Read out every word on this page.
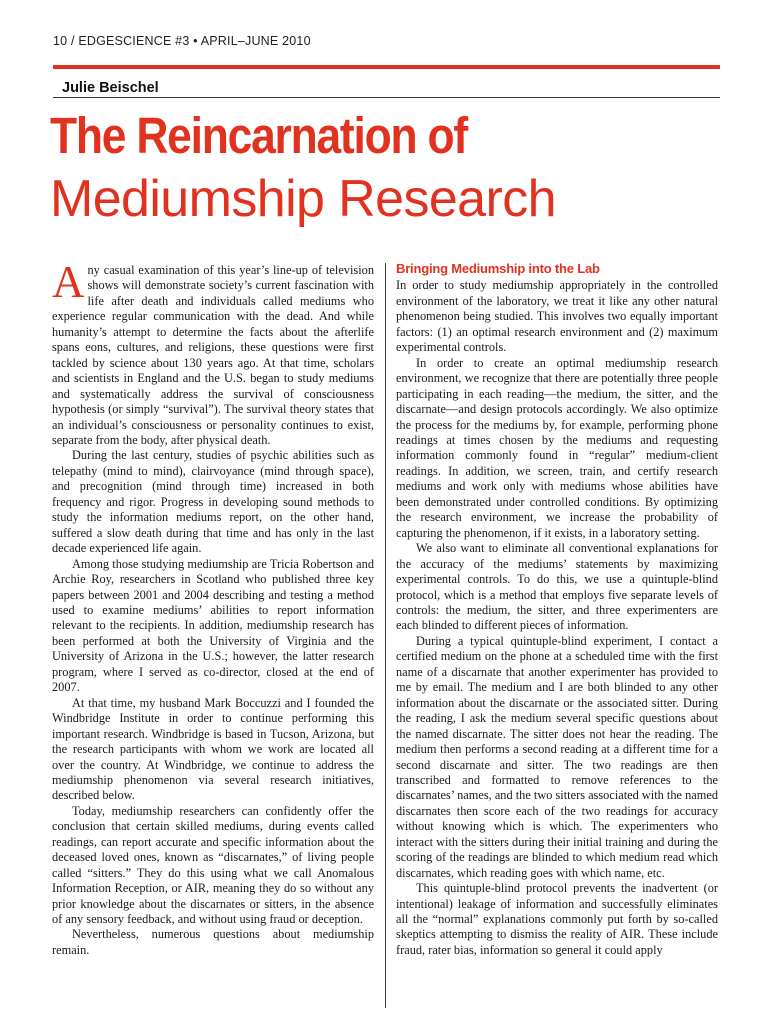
10 / EDGESCIENCE #3 • APRIL–JUNE 2010
Julie Beischel
The Reincarnation of
Mediumship Research

Any casual examination of this year’s line-up of television shows will demonstrate society’s current fascination with life after death and individuals called mediums who experience regular communication with the dead. And while humanity’s attempt to determine the facts about the afterlife spans eons, cultures, and religions, these questions were first tackled by science about 130 years ago. At that time, scholars and scientists in England and the U.S. began to study mediums and systematically address the survival of consciousness hypothesis (or simply “survival”). The survival theory states that an individual’s consciousness or personality continues to exist, separate from the body, after physical death.

During the last century, studies of psychic abilities such as telepathy (mind to mind), clairvoyance (mind through space), and precognition (mind through time) increased in both frequency and rigor. Progress in developing sound methods to study the information mediums report, on the other hand, suffered a slow death during that time and has only in the last decade experienced life again.

Among those studying mediumship are Tricia Robertson and Archie Roy, researchers in Scotland who published three key papers between 2001 and 2004 describing and testing a method used to examine mediums’ abilities to report information relevant to the recipients. In addition, mediumship research has been performed at both the University of Virginia and the University of Arizona in the U.S.; however, the latter research program, where I served as co-director, closed at the end of 2007.

At that time, my husband Mark Boccuzzi and I founded the Windbridge Institute in order to continue performing this important research. Windbridge is based in Tucson, Arizona, but the research participants with whom we work are located all over the country. At Windbridge, we continue to address the mediumship phenomenon via several research initiatives, described below.

Today, mediumship researchers can confidently offer the conclusion that certain skilled mediums, during events called readings, can report accurate and specific information about the deceased loved ones, known as “discarnates,” of living people called “sitters.” They do this using what we call Anomalous Information Reception, or AIR, meaning they do so without any prior knowledge about the discarnates or sitters, in the absence of any sensory feedback, and without using fraud or deception.

Nevertheless, numerous questions about mediumship remain.

Bringing Mediumship into the Lab

In order to study mediumship appropriately in the controlled environment of the laboratory, we treat it like any other natural phenomenon being studied. This involves two equally important factors: (1) an optimal research environment and (2) maximum experimental controls.

In order to create an optimal mediumship research environment, we recognize that there are potentially three people participating in each reading—the medium, the sitter, and the discarnate—and design protocols accordingly. We also optimize the process for the mediums by, for example, performing phone readings at times chosen by the mediums and requesting information commonly found in “regular” medium-client readings. In addition, we screen, train, and certify research mediums and work only with mediums whose abilities have been demonstrated under controlled conditions. By optimizing the research environment, we increase the probability of capturing the phenomenon, if it exists, in a laboratory setting.

We also want to eliminate all conventional explanations for the accuracy of the mediums’ statements by maximizing experimental controls. To do this, we use a quintuple-blind protocol, which is a method that employs five separate levels of controls: the medium, the sitter, and three experimenters are each blinded to different pieces of information.

During a typical quintuple-blind experiment, I contact a certified medium on the phone at a scheduled time with the first name of a discarnate that another experimenter has provided to me by email. The medium and I are both blinded to any other information about the discarnate or the associated sitter. During the reading, I ask the medium several specific questions about the named discarnate. The sitter does not hear the reading. The medium then performs a second reading at a different time for a second discarnate and sitter. The two readings are then transcribed and formatted to remove references to the discarnates’ names, and the two sitters associated with the named discarnates then score each of the two readings for accuracy without knowing which is which. The experimenters who interact with the sitters during their initial training and during the scoring of the readings are blinded to which medium read which discarnates, which reading goes with which name, etc.

This quintuple-blind protocol prevents the inadvertent (or intentional) leakage of information and successfully eliminates all the “normal” explanations commonly put forth by so-called skeptics attempting to dismiss the reality of AIR. These include fraud, rater bias, information so general it could apply
